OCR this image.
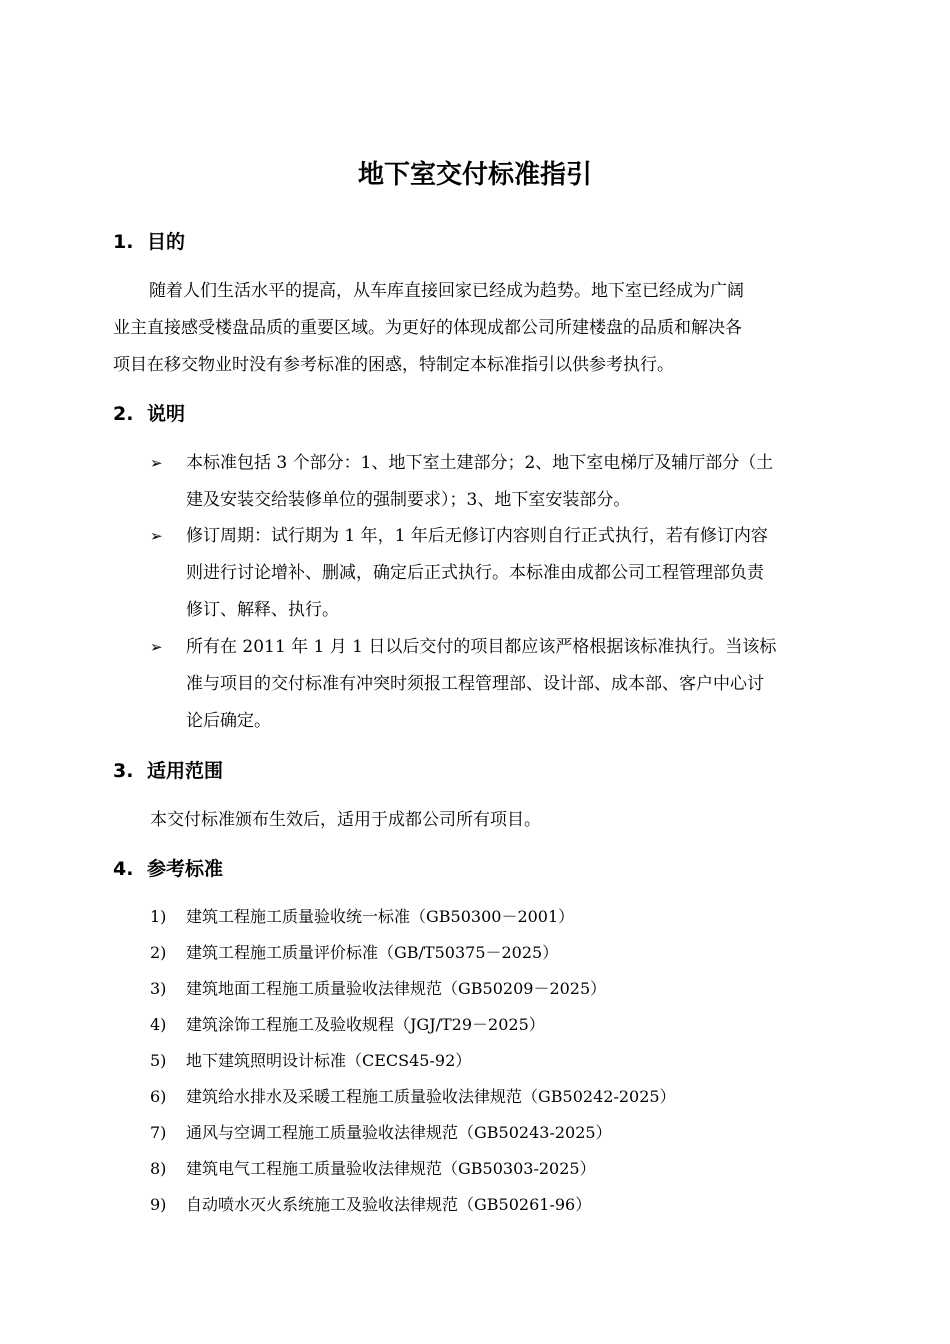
地下室交付标准指引
1. 目的
随着人们生活水平的提高，从车库直接回家已经成为趋势。地下室已经成为广阔
业主直接感受楼盘品质的重要区域。为更好的体现成都公司所建楼盘的品质和解决各
项目在移交物业时没有参考标准的困惑，特制定本标准指引以供参考执行。
2. 说明
➢ 本标准包括 3 个部分：1、地下室土建部分；2、地下室电梯厅及辅厅部分（土
建及安装交给装修单位的强制要求）；3、地下室安装部分。
➢ 修订周期：试行期为 1 年，1 年后无修订内容则自行正式执行，若有修订内容
则进行讨论增补、删减，确定后正式执行。本标准由成都公司工程管理部负责
修订、解释、执行。
➢ 所有在 2011 年 1 月 1 日以后交付的项目都应该严格根据该标准执行。当该标
准与项目的交付标准有冲突时须报工程管理部、设计部、成本部、客户中心讨
论后确定。
3. 适用范围
本交付标准颁布生效后，适用于成都公司所有项目。
4. 参考标准
1) 建筑工程施工质量验收统一标准（GB50300－2001）
2) 建筑工程施工质量评价标准（GB/T50375－2025）
3) 建筑地面工程施工质量验收法律规范（GB50209－2025）
4) 建筑涂饰工程施工及验收规程（JGJ/T29－2025）
5) 地下建筑照明设计标准（CECS45-92）
6) 建筑给水排水及采暖工程施工质量验收法律规范（GB50242-2025）
7) 通风与空调工程施工质量验收法律规范（GB50243-2025）
8) 建筑电气工程施工质量验收法律规范（GB50303-2025）
9) 自动喷水灭火系统施工及验收法律规范（GB50261-96）
